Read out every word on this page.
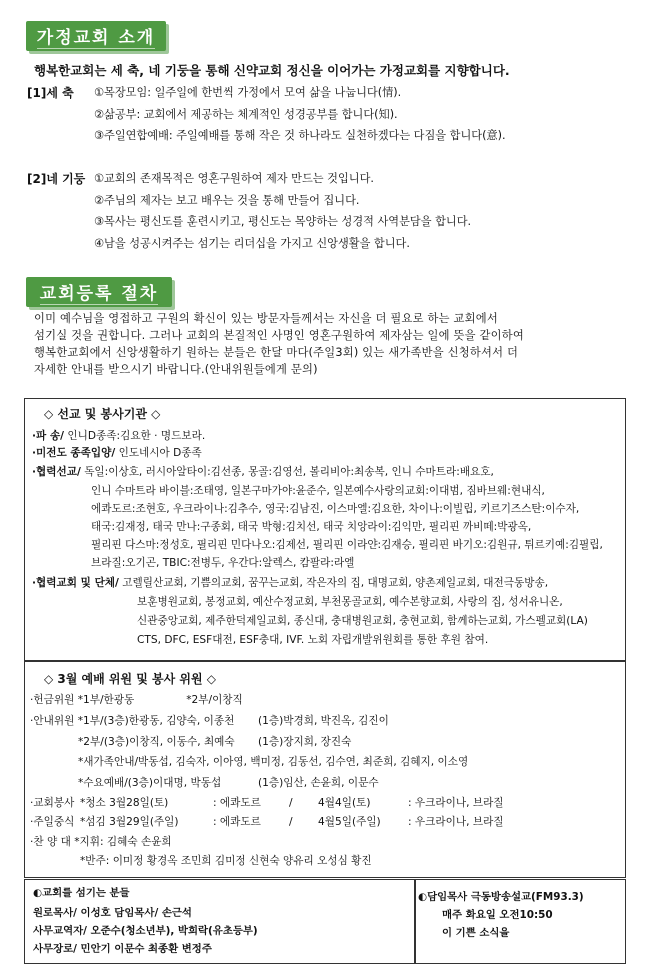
가정교회 소개
행복한교회는 세 축, 네 기둥을 통해 신약교회 정신을 이어가는 가정교회를 지향합니다.
[1]세 축 ①목장모임: 일주일에 한번씩 가정에서 모여 삶을 나눕니다(情).
②삶공부: 교회에서 제공하는 체계적인 성경공부를 합니다(知).
③주일연합예배: 주일예배를 통해 작은 것 하나라도 실천하겠다는 다짐을 합니다(意).
[2]네 기둥 ①교회의 존재목적은 영혼구원하여 제자 만드는 것입니다.
②주님의 제자는 보고 배우는 것을 통해 만들어 집니다.
③목사는 평신도를 훈련시키고, 평신도는 목양하는 성경적 사역분담을 합니다.
④남을 성공시켜주는 섬기는 리더십을 가지고 신앙생활을 합니다.
교회등록 절차
이미 예수님을 영접하고 구원의 확신이 있는 방문자들께서는 자신을 더 필요로 하는 교회에서
섬기실 것을 권합니다. 그러나 교회의 본질적인 사명인 영혼구원하여 제자삼는 일에 뜻을 같이하여
행복한교회에서 신앙생활하기 원하는 분들은 한달 마다(주일3회) 있는 새가족반을 신청하셔서 더
자세한 안내를 받으시기 바랍니다.(안내위원들에게 문의)
◇ 선교 및 봉사기관 ◇
·파 송/ 인니D종족:김요한 · 명드보라.
·미전도 종족입양/ 인도네시아 D종족
·협력선교/ 독일:이상호, 러시아알타이:김선종, 몽골:김영선, 볼리비아:최송복, 인니 수마트라:배요호,
인니 수마트라 바이블:조태영, 일본구마가야:윤준수, 일본예수사랑의교회:이대범, 짐바브웨:현내식,
에콰도르:조현호, 우크라이나:김추수, 영국:김남진, 이스마엘:김요한, 차이나:이빌립, 키르기즈스탄:이수자,
태국:김재정, 태국 만나:구종회, 태국 박형:김치선, 태국 치앙라이:김익만, 필리핀 까비떼:박광옥,
필리핀 다스마:정성호, 필리핀 민다나오:김제선, 필리핀 이라얀:김재승, 필리핀 바기오:김원규, 튀르키예:김필립,
브라질:오기곤, TBIC:전병두, 우간다:알렉스, 캄팔라:라엘
·협력교회 및 단체/ 고렐릴산교회, 기쁨의교회, 꿈꾸는교회, 작은자의 집, 대명교회, 양촌제일교회, 대전극동방송,
보훈병원교회, 봉정교회, 예산수정교회, 부천몽골교회, 예수본향교회, 사랑의 집, 성서유니온,
신관중앙교회, 제주한덕제일교회, 종신대, 충대병원교회, 충현교회, 함께하는교회, 가스펠교회(LA)
CTS, DFC, ESF대전, ESF충대, IVF. 노회 자립개발위원회를 통한 후원 참여.
◇ 3월 예배 위원 및 봉사 위원 ◇
·헌금위원 *1부/한광동	*2부/이창직
·안내위원 *1부/(3층)한광동, 김양숙, 이종천 (1층)박경희, 박진옥, 김진이
*2부/(3층)이창직, 이동수, 최예숙 (1층)장지희, 장진숙
*새가족안내/박동섭, 김숙자, 이아영, 백미정, 김동선, 김수연, 최준희, 김혜지, 이소영
*수요예배/(3층)이대명, 박동섭	(1층)임산, 손윤희, 이문수
·교회봉사 *청소 3월28일(토)	: 에콰도르	/ 4월4일(토)	: 우크라이나, 브라질
·주일중식 *섬김 3월29일(주일)	: 에콰도르	/ 4월5일(주일)	: 우크라이나, 브라질
·찬 양 대 *지휘: 김혜숙 손윤희
*반주: 이미정 황경옥 조민희 김미정 신현숙 양유리 오성심 황진
◐교회를 섬기는 분들
원로목사/ 이성호 담임목사/ 손근석
사무교역자/ 오준수(청소년부), 박희락(유초등부)
사무장로/ 민안기 이문수 최종환 변정주
◐담임목사 극동방송설교(FM93.3)
매주 화요일 오전10:50
이 기쁜 소식을
